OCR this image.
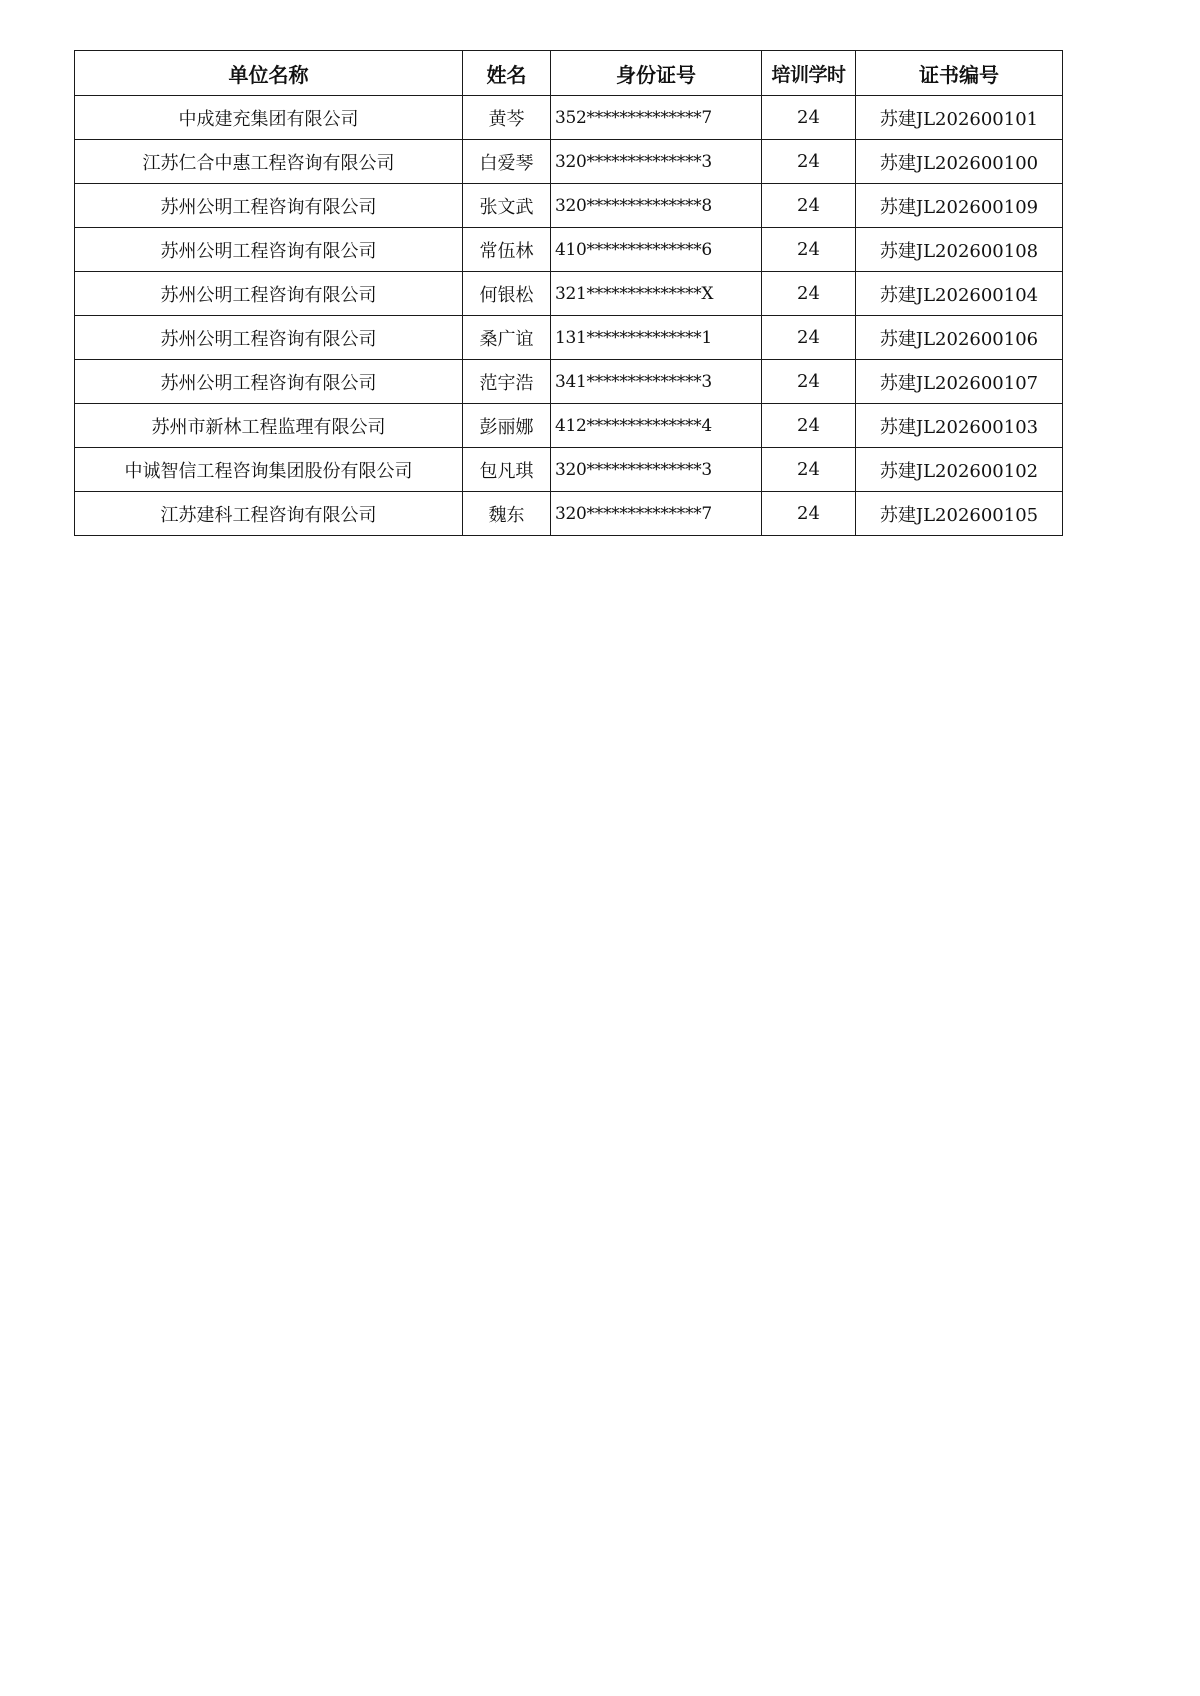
单位名称	姓名	身份证号	培训学时	证书编号
中成建充集团有限公司	黄芩	352**************7	24	苏建JL202600101
江苏仁合中惠工程咨询有限公司	白爱琴	320**************3	24	苏建JL202600100
苏州公明工程咨询有限公司	张文武	320**************8	24	苏建JL202600109
苏州公明工程咨询有限公司	常伍林	410**************6	24	苏建JL202600108
苏州公明工程咨询有限公司	何银松	321**************X	24	苏建JL202600104
苏州公明工程咨询有限公司	桑广谊	131**************1	24	苏建JL202600106
苏州公明工程咨询有限公司	范宇浩	341**************3	24	苏建JL202600107
苏州市新林工程监理有限公司	彭丽娜	412**************4	24	苏建JL202600103
中诚智信工程咨询集团股份有限公司	包凡琪	320**************3	24	苏建JL202600102
江苏建科工程咨询有限公司	魏东	320**************7	24	苏建JL202600105
